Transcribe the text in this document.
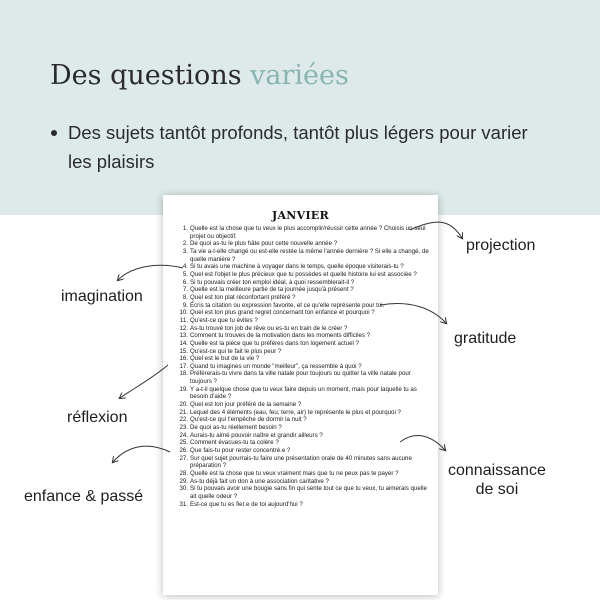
Des questions variées
Des sujets tantôt profonds, tantôt plus légers pour varier les plaisirs
JANVIER
1. Quelle est la chose que tu veux le plus accomplir/réussir cette année ? Choisis un seul projet ou objectif.
2. De quoi as-tu le plus hâte pour cette nouvelle année ?
3. Ta vie a-t-elle changé ou est-elle restée la même l'année dernière ? Si elle a changé, de quelle manière ?
4. Si tu avais une machine à voyager dans le temps, quelle époque visiterais-tu ?
5. Quel est l'objet le plus précieux que tu possèdes et quelle histoire lui est associée ?
6. Si tu pouvais créer ton emploi idéal, à quoi ressemblerait-il ?
7. Quelle est la meilleure partie de ta journée jusqu'à présent ?
8. Quel est ton plat réconfortant préféré ?
9. Écris ta citation ou expression favorite, et ce qu'elle représente pour toi.
10. Quel est ton plus grand regret concernant ton enfance et pourquoi ?
11. Qu'est-ce que tu évites ?
12. As-tu trouvé ton job de rêve ou es-tu en train de le créer ?
13. Comment tu trouves de la motivation dans les moments difficiles ?
14. Quelle est la pièce que tu préfères dans ton logement actuel ?
15. Qu'est-ce qui te fait le plus peur ?
16. Quel est le but de la vie ?
17. Quand tu imagines un monde "meilleur", ça ressemble à quoi ?
18. Préférerais-tu vivre dans ta ville natale pour toujours ou quitter ta ville natale pour toujours ?
19. Y a-t-il quelque chose que tu veux faire depuis un moment, mais pour laquelle tu as besoin d'aide ?
20. Quel est ton jour préféré de la semaine ?
21. Lequel des 4 éléments (eau, feu, terre, air) te représente le plus et pourquoi ?
22. Qu'est-ce qui t'empêche de dormir la nuit ?
23. De quoi as-tu réellement besoin ?
24. Aurais-tu aimé pouvoir naître et grandir ailleurs ?
25. Comment évacues-tu ta colère ?
26. Que fais-tu pour rester concentré.e ?
27. Sur quel sujet pourrais-tu faire une présentation orale de 40 minutes sans aucune préparation ?
28. Quelle est la chose que tu veux vraiment mais que tu ne peux pas te payer ?
29. As-tu déjà fait un don à une association caritative ?
30. Si tu pouvais avoir une bougie sans fin qui sente tout ce que tu veux, tu aimerais quelle ait quelle odeur ?
31. Est-ce que tu es fier.e de toi aujourd'hui ?
projection
imagination
gratitude
réflexion
connaissance
de soi
enfance & passé
